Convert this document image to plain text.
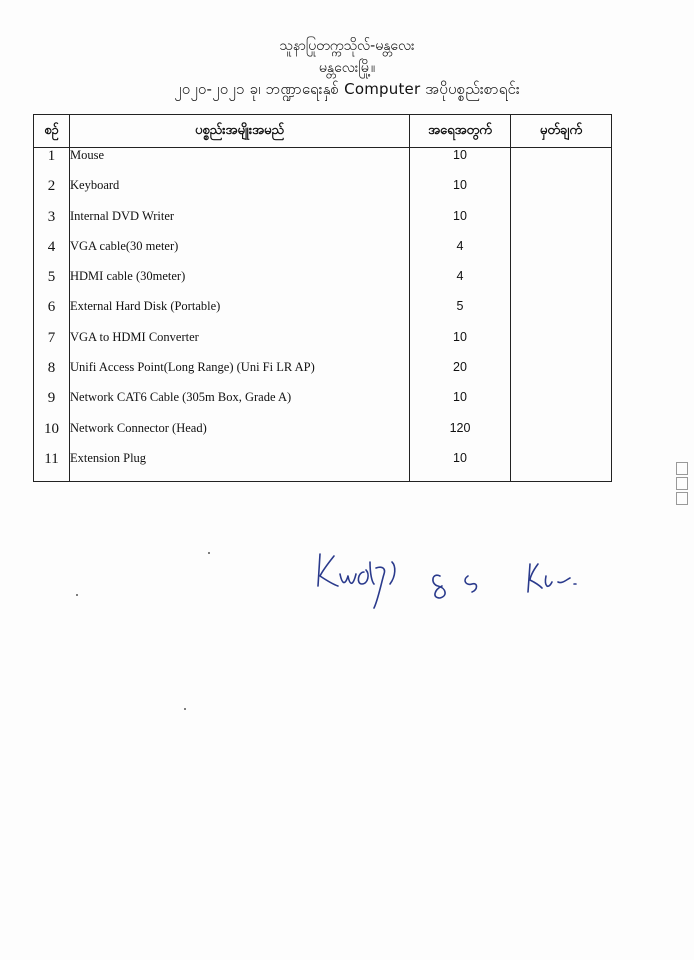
သူနာပြုတက္ကသိုလ်-မန္တလေး
မန္တလေးမြို့။
၂၀၂၀-၂၀၂၁ ခု၊ ဘဏ္ဍာရေးနှစ် Computer အပိုပစ္စည်းစာရင်း
စဉ်	ပစ္စည်းအမျိုးအမည်	အရေအတွက်	မှတ်ချက်
1	Mouse	10	
2	Keyboard	10	
3	Internal DVD Writer	10	
4	VGA cable(30 meter)	4	
5	HDMI cable (30meter)	4	
6	External Hard Disk (Portable)	5	
7	VGA to HDMI Converter	10	
8	Unifi Access Point(Long Range) (Uni Fi LR AP)	20	
9	Network CAT6 Cable (305m Box, Grade A)	10	
10	Network Connector (Head)	120	
11	Extension Plug	10	
